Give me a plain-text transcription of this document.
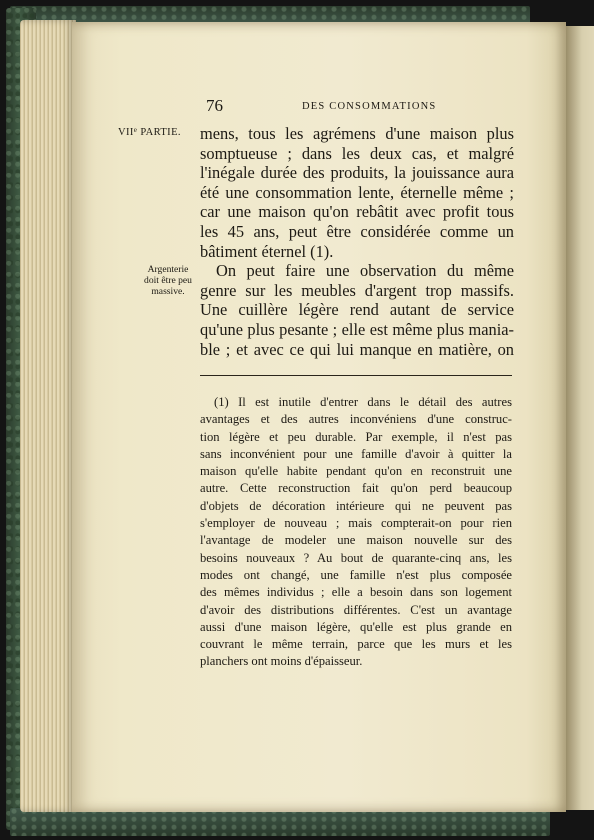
76	DES CONSOMMATIONS
VIIe PARTIE.
Argenterie
doit être peu
massive.
mens, tous les agrémens d'une maison plus
somptueuse ; dans les deux cas, et malgré
l'inégale durée des produits, la jouissance aura
été une consommation lente, éternelle même ;
car une maison qu'on rebâtit avec profit tous
les 45 ans, peut être considérée comme un
bâtiment éternel (1).
On peut faire une observation du même
genre sur les meubles d'argent trop massifs.
Une cuillère légère rend autant de service
qu'une plus pesante ; elle est même plus mania-
ble ; et avec ce qui lui manque en matière, on
(1) Il est inutile d'entrer dans le détail des autres
avantages et des autres inconvéniens d'une construc-
tion légère et peu durable. Par exemple, il n'est pas
sans inconvénient pour une famille d'avoir à quitter la
maison qu'elle habite pendant qu'on en reconstruit une
autre. Cette reconstruction fait qu'on perd beaucoup
d'objets de décoration intérieure qui ne peuvent pas
s'employer de nouveau ; mais compterait-on pour rien
l'avantage de modeler une maison nouvelle sur des
besoins nouveaux ? Au bout de quarante-cinq ans, les
modes ont changé, une famille n'est plus composée
des mêmes individus ; elle a besoin dans son logement
d'avoir des distributions différentes. C'est un avantage
aussi d'une maison légère, qu'elle est plus grande en
couvrant le même terrain, parce que les murs et les
planchers ont moins d'épaisseur.
